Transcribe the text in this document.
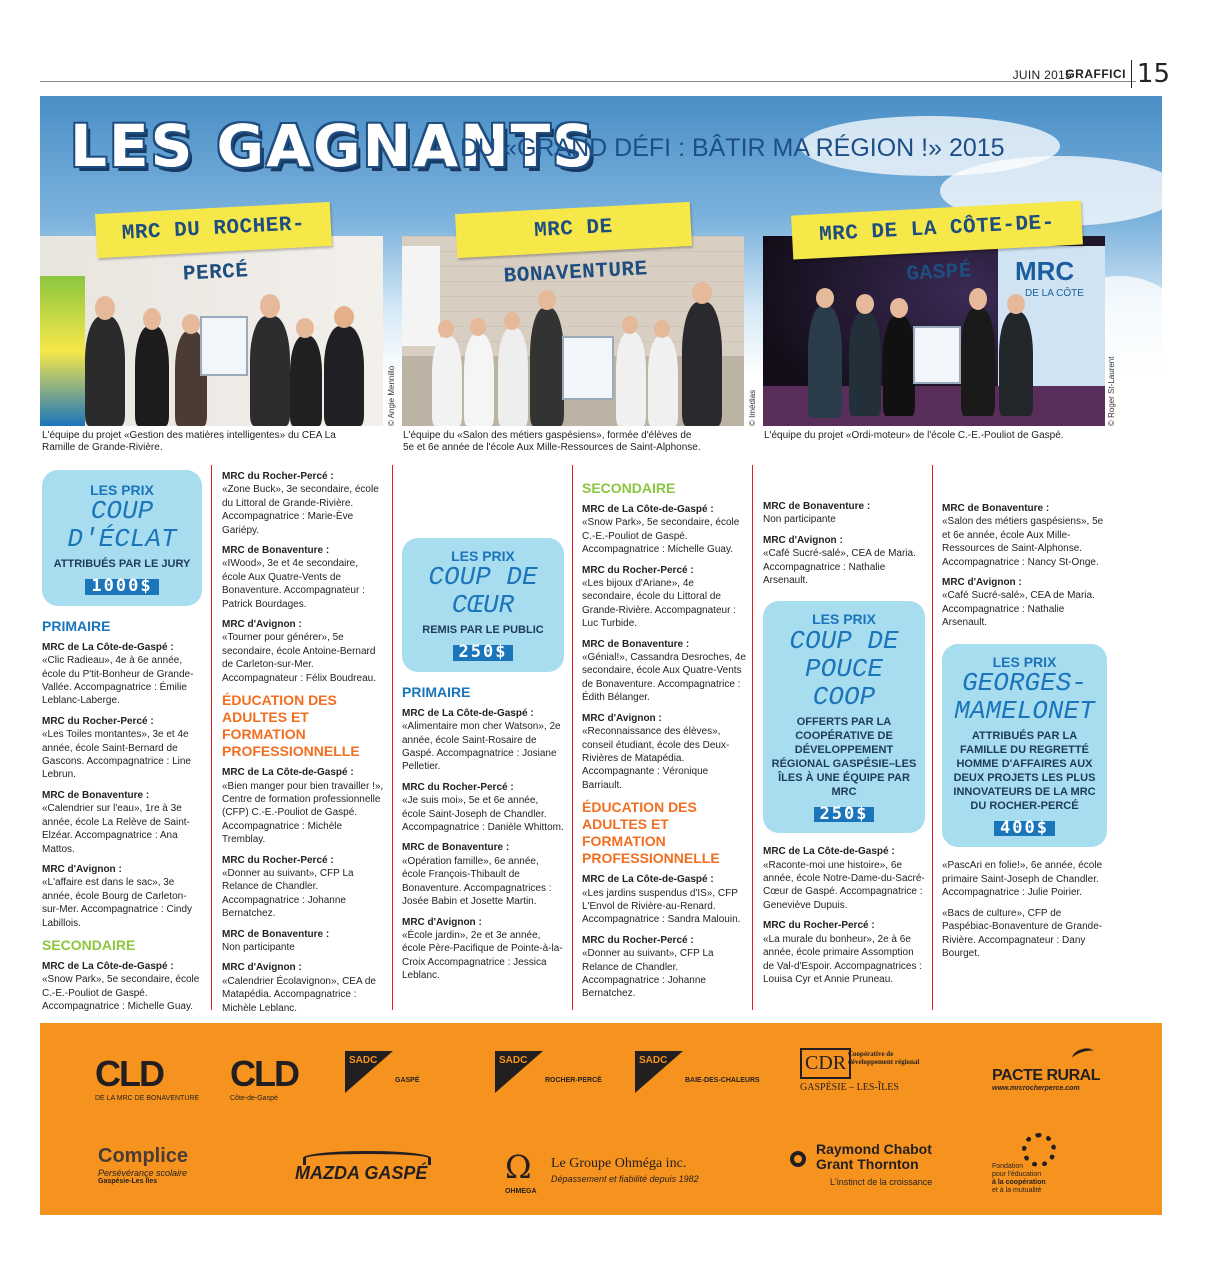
JUIN 2015
GRAFFICI 15
LES GAGNANTS
DU «GRAND DÉFI : BÂTIR MA RÉGION !» 2015
© Angie Mennillo
MRC DU ROCHER-PERCÉ
© Imédias
MRC DE BONAVENTURE	MRC
DE LA CÔTE
© Roger St-Laurent
MRC DE LA CÔTE-DE-GASPÉ
L'équipe du projet «Gestion des matières intelligentes» du CEA La Ramille de Grande-Rivière.
L'équipe du «Salon des métiers gaspésiens», formée d'élèves de 5e et 6e année de l'école Aux Mille-Ressources de Saint-Alphonse.
L'équipe du projet «Ordi-moteur» de l'école C.-E.-Pouliot de Gaspé.
LES PRIX
COUP D'ÉCLAT
ATTRIBUÉS PAR LE JURY
1000$
PRIMAIRE

MRC de La Côte-de-Gaspé :

«Clic Radieau», 4e à 6e année, école du P'tit-Bonheur de Grande-Vallée. Accompagnatrice : Émilie Leblanc-Laberge.

MRC du Rocher-Percé :

«Les Toiles montantes», 3e et 4e année, école Saint-Bernard de Gascons. Accompagnatrice : Line Lebrun.

MRC de Bonaventure :

«Calendrier sur l'eau», 1re à 3e année, école La Relève de Saint-Elzéar. Accompagnatrice : Ana Mattos.

MRC d'Avignon :

«L'affaire est dans le sac», 3e année, école Bourg de Carleton-sur-Mer. Accompagnatrice : Cindy Labillois.

SECONDAIRE

MRC de La Côte-de-Gaspé :

«Snow Park», 5e secondaire, école C.-E.-Pouliot de Gaspé. Accompagnatrice : Michelle Guay.

MRC du Rocher-Percé :

«Zone Buck», 3e secondaire, école du Littoral de Grande-Rivière. Accompagnatrice : Marie-Ève Gariépy.

MRC de Bonaventure :

«IWood», 3e et 4e secondaire, école Aux Quatre-Vents de Bonaventure. Accompagnateur : Patrick Bourdages.

MRC d'Avignon :

«Tourner pour générer», 5e secondaire, école Antoine-Bernard de Carleton-sur-Mer. Accompagnateur : Félix Boudreau.

ÉDUCATION DES ADULTES ET FORMATION PROFESSIONNELLE

MRC de La Côte-de-Gaspé :

«Bien manger pour bien travailler !», Centre de formation professionnelle (CFP) C.-E.-Pouliot de Gaspé. Accompagnatrice : Michèle Tremblay.

MRC du Rocher-Percé :

«Donner au suivant», CFP La Relance de Chandler. Accompagnatrice : Johanne Bernatchez.

MRC de Bonaventure :

Non participante

MRC d'Avignon :

«Calendrier Écolavignon», CEA de Matapédia. Accompagnatrice : Michèle Leblanc.

LES PRIX
COUP DE CŒUR
REMIS PAR LE PUBLIC
250$
PRIMAIRE

MRC de La Côte-de-Gaspé :

«Alimentaire mon cher Watson», 2e année, école Saint-Rosaire de Gaspé. Accompagnatrice : Josiane Pelletier.

MRC du Rocher-Percé :

«Je suis moi», 5e et 6e année, école Saint-Joseph de Chandler. Accompagnatrice : Danièle Whittom.

MRC de Bonaventure :

«Opération famille», 6e année, école François-Thibault de Bonaventure. Accompagnatrices : Josée Babin et Josette Martin.

MRC d'Avignon :

«École jardin», 2e et 3e année, école Père-Pacifique de Pointe-à-la-Croix Accompagnatrice : Jessica Leblanc.

SECONDAIRE

MRC de La Côte-de-Gaspé :

«Snow Park», 5e secondaire, école C.-E.-Pouliot de Gaspé. Accompagnatrice : Michelle Guay.

MRC du Rocher-Percé :

«Les bijoux d'Ariane», 4e secondaire, école du Littoral de Grande-Rivière. Accompagnateur : Luc Turbide.

MRC de Bonaventure :

«Génial!», Cassandra Desroches, 4e secondaire, école Aux Quatre-Vents de Bonaventure. Accompagnatrice : Édith Bélanger.

MRC d'Avignon :

«Reconnaissance des élèves», conseil étudiant, école des Deux-Rivières de Matapédia. Accompagnante : Véronique Barriault.

ÉDUCATION DES ADULTES ET FORMATION PROFESSIONNELLE

MRC de La Côte-de-Gaspé :

«Les jardins suspendus d'IS», CFP L'Envol de Rivière-au-Renard. Accompagnatrice : Sandra Malouin.

MRC du Rocher-Percé :

«Donner au suivant», CFP La Relance de Chandler. Accompagnatrice : Johanne Bernatchez.

MRC de Bonaventure :

Non participante

MRC d'Avignon :

«Café Sucré-salé», CEA de Maria. Accompagnatrice : Nathalie Arsenault.

LES PRIX
COUP DE POUCE
COOP
OFFERTS PAR LA COOPÉRATIVE DE DÉVELOPPEMENT RÉGIONAL GASPÉSIE–LES ÎLES À UNE ÉQUIPE PAR MRC
250$

MRC de La Côte-de-Gaspé :

«Raconte-moi une histoire», 6e année, école Notre-Dame-du-Sacré-Cœur de Gaspé. Accompagnatrice : Geneviève Dupuis.

MRC du Rocher-Percé :

«La murale du bonheur», 2e à 6e année, école primaire Assomption de Val-d'Espoir. Accompagnatrices : Louisa Cyr et Annie Pruneau.

MRC de Bonaventure :

«Salon des métiers gaspésiens», 5e et 6e année, école Aux Mille-Ressources de Saint-Alphonse. Accompagnatrice : Nancy St-Onge.

MRC d'Avignon :

«Café Sucré-salé», CEA de Maria. Accompagnatrice : Nathalie Arsenault.

LES PRIX
GEORGES-
MAMELONET
ATTRIBUÉS PAR LA FAMILLE DU REGRETTÉ HOMME D'AFFAIRES AUX DEUX PROJETS LES PLUS INNOVATEURS DE LA MRC DU ROCHER-PERCÉ
400$

«PascAri en folie!», 6e année, école primaire Saint-Joseph de Chandler. Accompagnatrice : Julie Poirier.

«Bacs de culture», CFP de Paspébiac-Bonaventure de Grande-Rivière. Accompagnateur : Dany Bourget.

CLD
DE LA MRC DE BONAVENTURE
CLD
Côte-de-Gaspé
SADC
GASPÉ
SADC
ROCHER-PERCÉ
SADC
BAIE-DES-CHALEURS
CDR Coopérative de développement régional
GASPÉSIE – LES-ÎLES
PACTE RURAL
www.mrcrocherperce.com
Complice
Persévérance scolaire
Gaspésie-Les Îles	MAZDA GASPÉ Ω
OHMEGA
Le Groupe Ohméga inc.
Dépassement et fiabilité depuis 1982
Raymond Chabot
Grant Thornton
L'instinct de la croissance
Fondation
pour l'éducation
à la coopération
et à la mutualité
